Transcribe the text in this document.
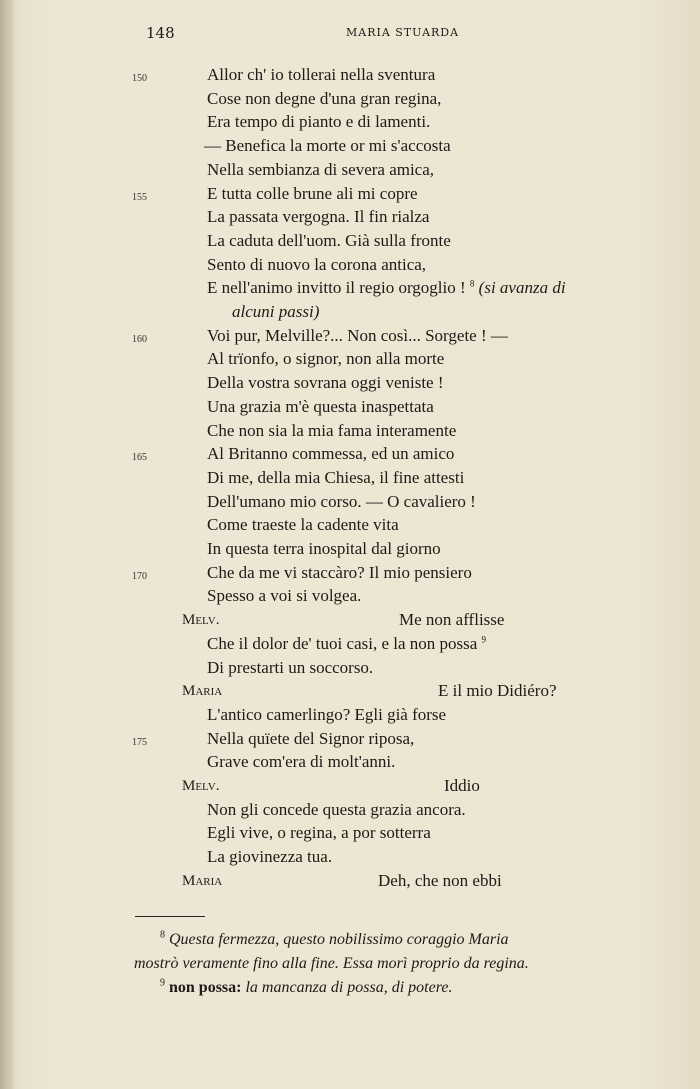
148	MARIA STUARDA
150	Allor ch' io tollerai nella sventura
Cose non degne d'una gran regina,
Era tempo di pianto e di lamenti.
— Benefica la morte or mi s'accosta
Nella sembianza di severa amica,
155	E tutta colle brune ali mi copre
La passata vergogna. Il fin rialza
La caduta dell'uom. Già sulla fronte
Sento di nuovo la corona antica,
E nell'animo invitto il regio orgoglio ! $^8$ (si avanza di
alcuni passi)
160	Voi pur, Melville?... Non così... Sorgete ! —
Al trïonfo, o signor, non alla morte
Della vostra sovrana oggi veniste !
Una grazia m'è questa inaspettata
Che non sia la mia fama interamente
165	Al Britanno commessa, ed un amico
Di me, della mia Chiesa, il fine attesti
Dell'umano mio corso. — O cavaliero !
Come traeste la cadente vita
In questa terra inospital dal giorno
170	Che da me vi staccàro? Il mio pensiero
Spesso a voi si volgea.
Melv.	Me non afflisse
Che il dolor de' tuoi casi, e la non possa $^9$
Di prestarti un soccorso.
Maria	E il mio Didiéro?
L'antico camerlingo? Egli già forse
175	Nella quïete del Signor riposa,
Grave com'era di molt'anni.
Melv.	Iddio
Non gli concede questa grazia ancora.
Egli vive, o regina, a por sotterra
La giovinezza tua.
Maria	Deh, che non ebbi
$^8$ Questa fermezza, questo nobilissimo coraggio Maria
mostrò veramente fino alla fine. Essa morì proprio da regina.
$^9$ non possa: la mancanza di possa, di potere.
